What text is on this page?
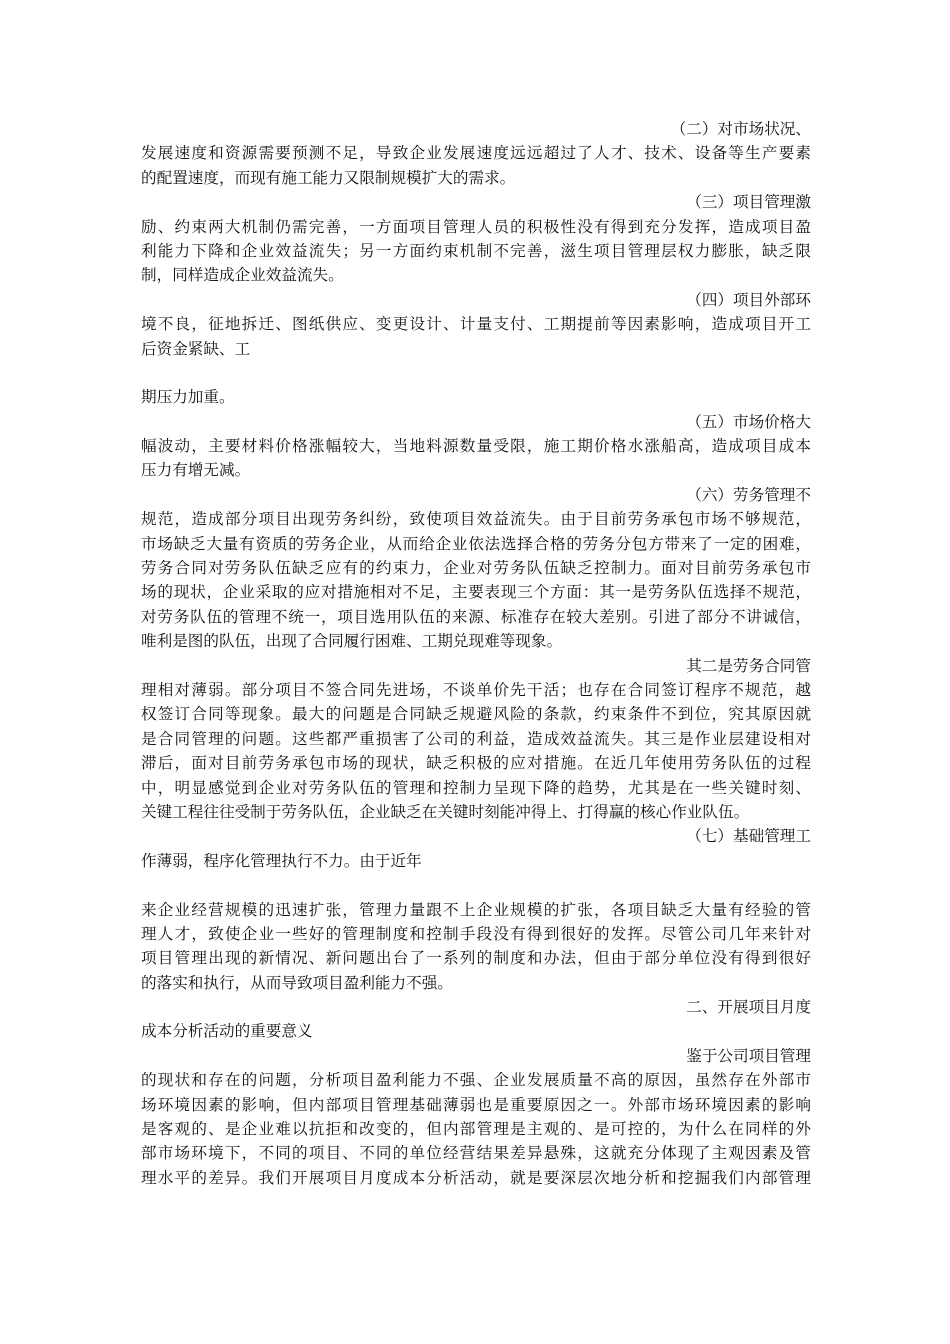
（二）对市场状况、
发展速度和资源需要预测不足，导致企业发展速度远远超过了人才、技术、设备等生产要素
的配置速度，而现有施工能力又限制规模扩大的需求。
（三）项目管理激
励、约束两大机制仍需完善，一方面项目管理人员的积极性没有得到充分发挥，造成项目盈
利能力下降和企业效益流失；另一方面约束机制不完善，滋生项目管理层权力膨胀，缺乏限
制，同样造成企业效益流失。
（四）项目外部环
境不良，征地拆迁、图纸供应、变更设计、计量支付、工期提前等因素影响，造成项目开工
后资金紧缺、工
期压力加重。
（五）市场价格大
幅波动，主要材料价格涨幅较大，当地料源数量受限，施工期价格水涨船高，造成项目成本
压力有增无减。
（六）劳务管理不
规范，造成部分项目出现劳务纠纷，致使项目效益流失。由于目前劳务承包市场不够规范，
市场缺乏大量有资质的劳务企业，从而给企业依法选择合格的劳务分包方带来了一定的困难，
劳务合同对劳务队伍缺乏应有的约束力，企业对劳务队伍缺乏控制力。面对目前劳务承包市
场的现状，企业采取的应对措施相对不足，主要表现三个方面：其一是劳务队伍选择不规范，
对劳务队伍的管理不统一，项目选用队伍的来源、标准存在较大差别。引进了部分不讲诚信，
唯利是图的队伍，出现了合同履行困难、工期兑现难等现象。
其二是劳务合同管
理相对薄弱。部分项目不签合同先进场，不谈单价先干活；也存在合同签订程序不规范，越
权签订合同等现象。最大的问题是合同缺乏规避风险的条款，约束条件不到位，究其原因就
是合同管理的问题。这些都严重损害了公司的利益，造成效益流失。其三是作业层建设相对
滞后，面对目前劳务承包市场的现状，缺乏积极的应对措施。在近几年使用劳务队伍的过程
中，明显感觉到企业对劳务队伍的管理和控制力呈现下降的趋势，尤其是在一些关键时刻、
关键工程往往受制于劳务队伍，企业缺乏在关键时刻能冲得上、打得赢的核心作业队伍。
（七）基础管理工
作薄弱，程序化管理执行不力。由于近年
来企业经营规模的迅速扩张，管理力量跟不上企业规模的扩张，各项目缺乏大量有经验的管
理人才，致使企业一些好的管理制度和控制手段没有得到很好的发挥。尽管公司几年来针对
项目管理出现的新情况、新问题出台了一系列的制度和办法，但由于部分单位没有得到很好
的落实和执行，从而导致项目盈利能力不强。
二、开展项目月度
成本分析活动的重要意义
鉴于公司项目管理
的现状和存在的问题，分析项目盈利能力不强、企业发展质量不高的原因，虽然存在外部市
场环境因素的影响，但内部项目管理基础薄弱也是重要原因之一。外部市场环境因素的影响
是客观的、是企业难以抗拒和改变的，但内部管理是主观的、是可控的，为什么在同样的外
部市场环境下，不同的项目、不同的单位经营结果差异悬殊，这就充分体现了主观因素及管
理水平的差异。我们开展项目月度成本分析活动，就是要深层次地分析和挖掘我们内部管理
